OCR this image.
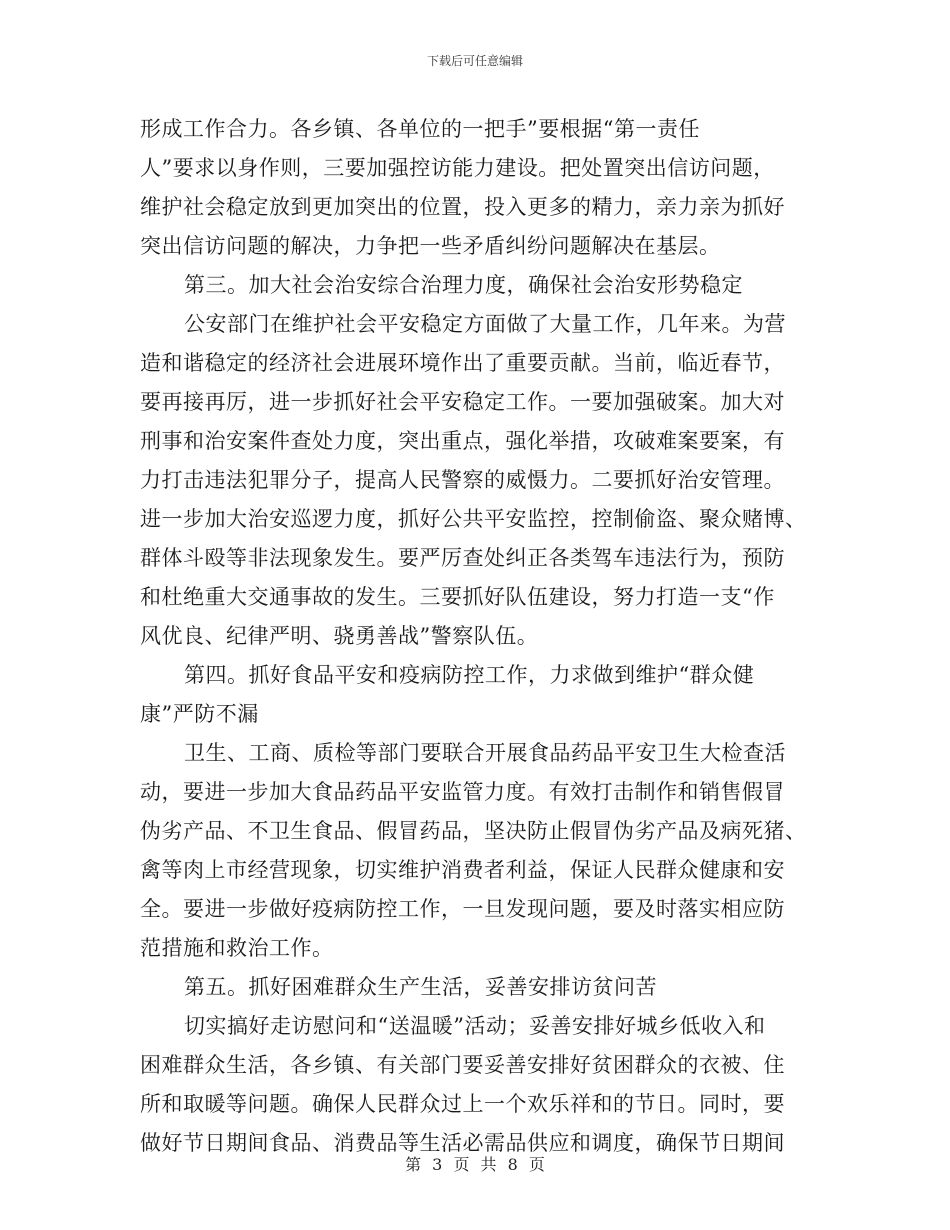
下载后可任意编辑
形成工作合力。各乡镇、各单位的一把手”要根据“第一责任
人”要求以身作则，三要加强控访能力建设。把处置突出信访问题，
维护社会稳定放到更加突出的位置，投入更多的精力，亲力亲为抓好
突出信访问题的解决，力争把一些矛盾纠纷问题解决在基层。
第三。加大社会治安综合治理力度，确保社会治安形势稳定
公安部门在维护社会平安稳定方面做了大量工作，几年来。为营
造和谐稳定的经济社会进展环境作出了重要贡献。当前，临近春节，
要再接再厉，进一步抓好社会平安稳定工作。一要加强破案。加大对
刑事和治安案件查处力度，突出重点，强化举措，攻破难案要案，有
力打击违法犯罪分子，提高人民警察的威慑力。二要抓好治安管理。
进一步加大治安巡逻力度，抓好公共平安监控，控制偷盗、聚众赌博、
群体斗殴等非法现象发生。要严厉查处纠正各类驾车违法行为，预防
和杜绝重大交通事故的发生。三要抓好队伍建设，努力打造一支“作
风优良、纪律严明、骁勇善战”警察队伍。
第四。抓好食品平安和疫病防控工作，力求做到维护“群众健
康”严防不漏
卫生、工商、质检等部门要联合开展食品药品平安卫生大检查活
动，要进一步加大食品药品平安监管力度。有效打击制作和销售假冒
伪劣产品、不卫生食品、假冒药品，坚决防止假冒伪劣产品及病死猪、
禽等肉上市经营现象，切实维护消费者利益，保证人民群众健康和安
全。要进一步做好疫病防控工作，一旦发现问题，要及时落实相应防
范措施和救治工作。
第五。抓好困难群众生产生活，妥善安排访贫问苦
切实搞好走访慰问和“送温暖”活动；妥善安排好城乡低收入和
困难群众生活，各乡镇、有关部门要妥善安排好贫困群众的衣被、住
所和取暖等问题。确保人民群众过上一个欢乐祥和的节日。同时，要
做好节日期间食品、消费品等生活必需品供应和调度，确保节日期间
第 3 页 共 8 页
